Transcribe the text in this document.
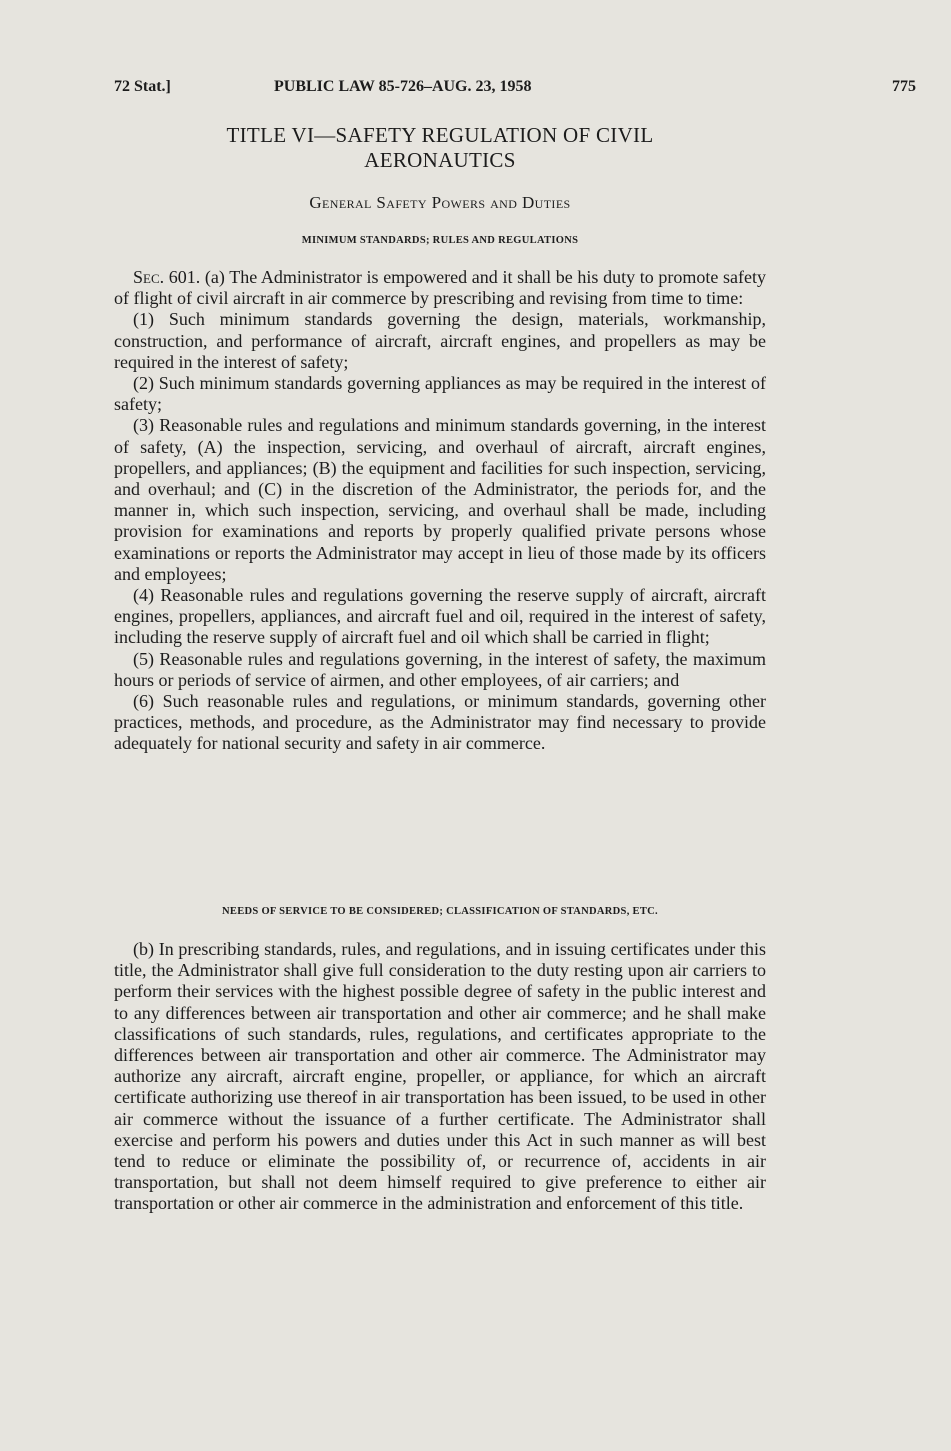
72 Stat.]	PUBLIC LAW 85-726–AUG. 23, 1958	775
TITLE VI—SAFETY REGULATION OF CIVIL
AERONAUTICS
General Safety Powers and Duties
MINIMUM STANDARDS; RULES AND REGULATIONS

Sec. 601. (a) The Administrator is empowered and it shall be his duty to promote safety of flight of civil aircraft in air commerce by prescribing and revising from time to time:

(1) Such minimum standards governing the design, materials, workmanship, construction, and performance of aircraft, aircraft engines, and propellers as may be required in the interest of safety;

(2) Such minimum standards governing appliances as may be required in the interest of safety;

(3) Reasonable rules and regulations and minimum standards governing, in the interest of safety, (A) the inspection, servicing, and overhaul of aircraft, aircraft engines, propellers, and appliances; (B) the equipment and facilities for such inspection, servicing, and overhaul; and (C) in the discretion of the Administrator, the periods for, and the manner in, which such inspection, servicing, and overhaul shall be made, including provision for examinations and reports by properly qualified private persons whose examinations or reports the Administrator may accept in lieu of those made by its officers and employees;

(4) Reasonable rules and regulations governing the reserve supply of aircraft, aircraft engines, propellers, appliances, and aircraft fuel and oil, required in the interest of safety, including the reserve supply of aircraft fuel and oil which shall be carried in flight;

(5) Reasonable rules and regulations governing, in the interest of safety, the maximum hours or periods of service of airmen, and other employees, of air carriers; and

(6) Such reasonable rules and regulations, or minimum standards, governing other practices, methods, and procedure, as the Administrator may find necessary to provide adequately for national security and safety in air commerce.

NEEDS OF SERVICE TO BE CONSIDERED; CLASSIFICATION OF STANDARDS, ETC.

(b) In prescribing standards, rules, and regulations, and in issuing certificates under this title, the Administrator shall give full consideration to the duty resting upon air carriers to perform their services with the highest possible degree of safety in the public interest and to any differences between air transportation and other air commerce; and he shall make classifications of such standards, rules, regulations, and certificates appropriate to the differences between air transportation and other air commerce. The Administrator may authorize any aircraft, aircraft engine, propeller, or appliance, for which an aircraft certificate authorizing use thereof in air transportation has been issued, to be used in other air commerce without the issuance of a further certificate. The Administrator shall exercise and perform his powers and duties under this Act in such manner as will best tend to reduce or eliminate the possibility of, or recurrence of, accidents in air transportation, but shall not deem himself required to give preference to either air transportation or other air commerce in the administration and enforcement of this title.
